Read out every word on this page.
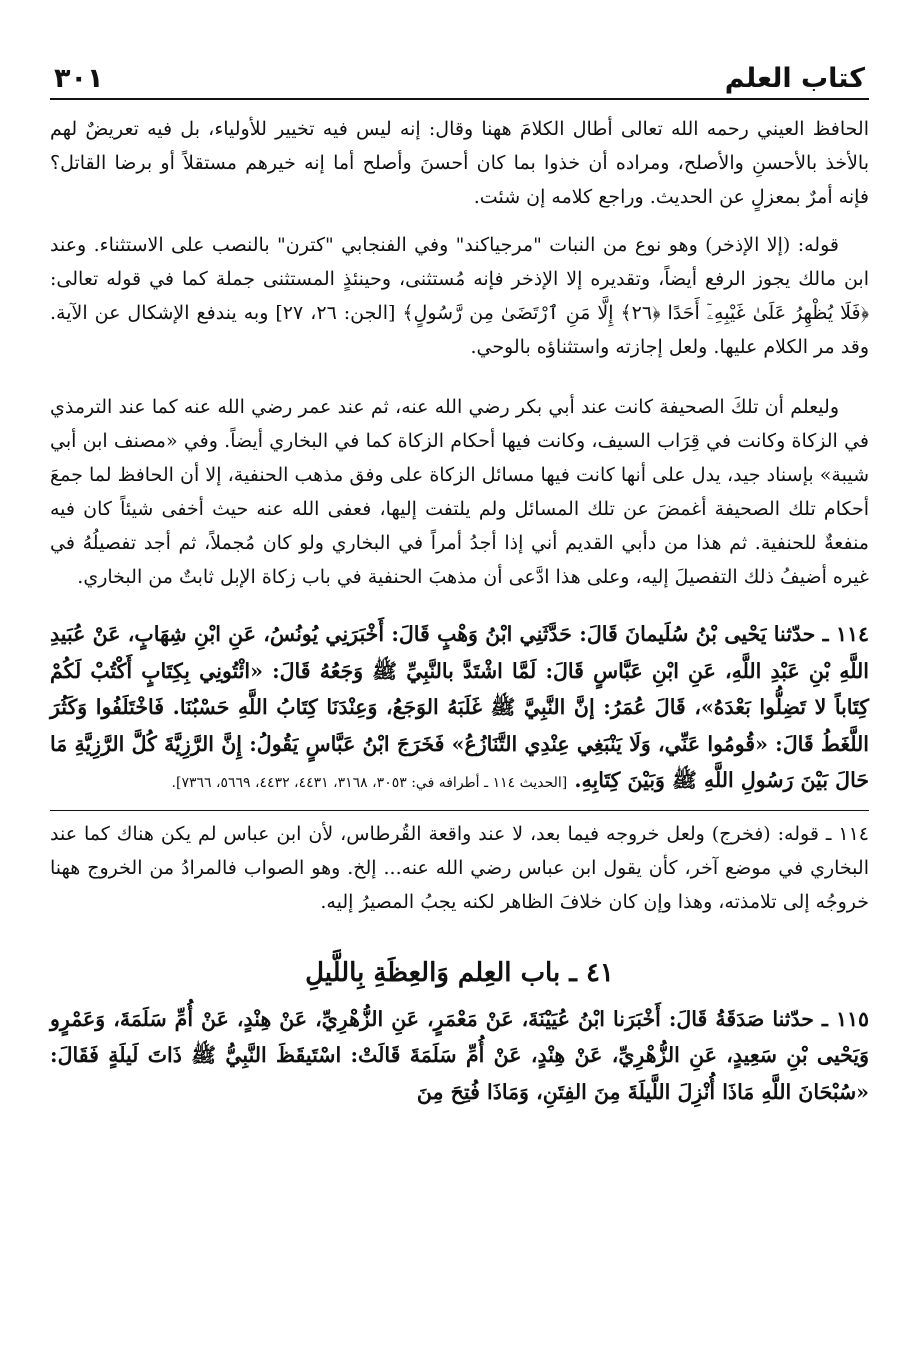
كتاب العلم
٣٠١

الحافظ العيني رحمه الله تعالى أطال الكلامَ ههنا وقال: إنه ليس فيه تخيير للأولياء، بل فيه تعريضٌ لهم بالأخذ بالأحسنِ والأصلح، ومراده أن خذوا بما كان أحسنَ وأصلح أما إنه خيرهم مستقلاً أو برضا القاتل؟ فإنه أمرٌ بمعزلٍ عن الحديث. وراجع كلامه إن شئت.

قوله: (إلا الإذخر) وهو نوع من النبات "مرجياكند" وفي الفنجابي "كترن" بالنصب على الاستثناء. وعند ابن مالك يجوز الرفع أيضاً، وتقديره إلا الإذخر فإنه مُستثنى، وحينئذٍ المستثنى جملة كما في قوله تعالى: ﴿فَلَا يُظْهِرُ عَلَىٰ غَيْبِهِۦٓ أَحَدًا ﴿٢٦﴾ إِلَّا مَنِ ٱرْتَضَىٰ مِن رَّسُولٍ﴾ [الجن: ٢٦، ٢٧] وبه يندفع الإشكال عن الآية. وقد مر الكلام عليها. ولعل إجازته واستثناؤه بالوحي.

وليعلم أن تلكَ الصحيفة كانت عند أبي بكر رضي الله عنه، ثم عند عمر رضي الله عنه كما عند الترمذي في الزكاة وكانت في قِرَاب السيف، وكانت فيها أحكام الزكاة كما في البخاري أيضاً. وفي «مصنف ابن أبي شيبة» بإسناد جيد، يدل على أنها كانت فيها مسائل الزكاة على وفق مذهب الحنفية، إلا أن الحافظ لما جمعَ أحكام تلك الصحيفة أغمضَ عن تلك المسائل ولم يلتفت إليها، فعفى الله عنه حيث أخفى شيئاً كان فيه منفعةٌ للحنفية. ثم هذا من دأبي القديم أني إذا أجدُ أمراً في البخاري ولو كان مُجملاً، ثم أجد تفصيلُهُ في غيره أضيفُ ذلك التفصيلَ إليه، وعلى هذا ادَّعى أن مذهبَ الحنفية في باب زكاة الإبل ثابتٌ من البخاري.

١١٤ ـ حدّثنا يَحْيى بْنُ سُلَيمانَ قَالَ: حَدَّثَنِي ابْنُ وَهْبٍ قَالَ: أَخْبَرَنِي يُونُسُ، عَنِ ابْنِ شِهَابٍ، عَنْ عُبَيدِ اللَّهِ بْنِ عَبْدِ اللَّهِ، عَنِ ابْنِ عَبَّاسٍ قَالَ: لَمَّا اشْتَدَّ بالنَّبِيِّ ﷺ وَجَعُهُ قَالَ: «ائْتُونِي بِكِتَابٍ أَكْتُبْ لَكُمْ كِتَاباً لا تَضِلُّوا بَعْدَهُ»، قَالَ عُمَرُ: إنَّ النَّبِيَّ ﷺ غَلَبَهُ الوَجَعُ، وَعِنْدَنَا كِتَابُ اللَّهِ حَسْبُنَا. فَاخْتَلَفُوا وَكَثُرَ اللَّغَطُ قَالَ: «قُومُوا عَنِّي، وَلَا يَنْبَغِي عِنْدِي التَّنَازُعُ» فَخَرَجَ ابْنُ عَبَّاسٍ يَقُولُ: إِنَّ الرَّزِيَّةَ كُلَّ الرَّزِيَّةِ مَا حَالَ بَيْنَ رَسُولِ اللَّهِ ﷺ وَبَيْنَ كِتَابِهِ. [الحديث ١١٤ ـ أطرافه في: ٣٠٥٣، ٣١٦٨، ٤٤٣١، ٤٤٣٢، ٥٦٦٩، ٧٣٦٦].

١١٤ ـ قوله: (فخرج) ولعل خروجه فيما بعد، لا عند واقعة القُرطاس، لأن ابن عباس لم يكن هناك كما عند البخاري في موضع آخر، كأن يقول ابن عباس رضي الله عنه... إلخ. وهو الصواب فالمرادُ من الخروج ههنا خروجُه إلى تلامذته، وهذا وإن كان خلافَ الظاهر لكنه يجبُ المصيرُ إليه.

٤١ ـ باب العِلم وَالعِظَةِ بِاللَّيلِ

١١٥ ـ حدّثنا صَدَقَةُ قَالَ: أَخْبَرَنا ابْنُ عُيَيْنَةَ، عَنْ مَعْمَرٍ، عَنِ الزُّهْرِيِّ، عَنْ هِنْدٍ، عَنْ أُمِّ سَلَمَةَ، وَعَمْرٍو وَيَحْيى بْنِ سَعِيدٍ، عَنِ الزُّهْرِيِّ، عَنْ هِنْدٍ، عَنْ أُمِّ سَلَمَةَ قَالَتْ: اسْتَيقَظَ النَّبِيُّ ﷺ ذَاتَ لَيلَةٍ فَقَالَ: «سُبْحَانَ اللَّهِ مَاذَا أُنْزِلَ اللَّيلَةَ مِنَ الفِتَنِ، وَمَاذَا فُتِحَ مِنَ
